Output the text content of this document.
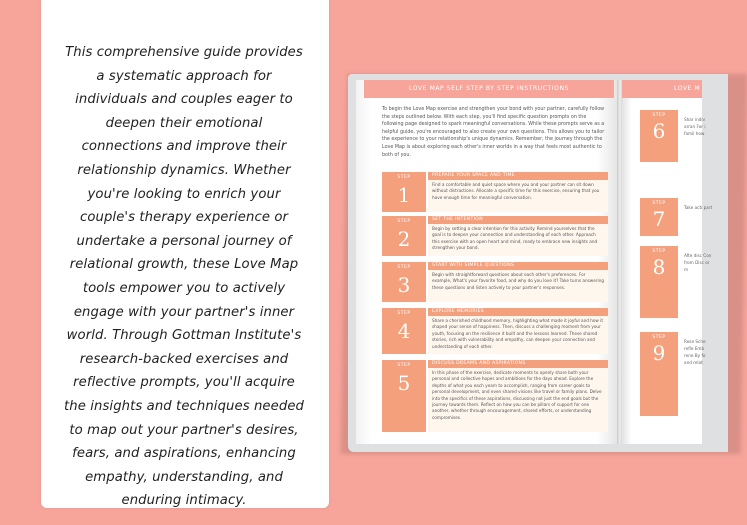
This comprehensive guide provides a systematic approach for individuals and couples eager to deepen their emotional connections and improve their relationship dynamics. Whether you're looking to enrich your couple's therapy experience or undertake a personal journey of relational growth, these Love Map tools empower you to actively engage with your partner's inner world. Through Gottman Institute's research-backed exercises and reflective prompts, you'll acquire the insights and techniques needed to map out your partner's desires, fears, and aspirations, enhancing empathy, understanding, and enduring intimacy.
LOVE MAP SELF STEP BY STEP INSTRUCTIONS
To begin the Love Map exercise and strengthen your bond with your partner, carefully follow the steps outlined below. With each step, you'll find specific question prompts on the following page designed to spark meaningful conversations. While these prompts serve as a helpful guide, you're encouraged to also create your own questions. This allows you to tailor the experience to your relationship's unique dynamics. Remember, the journey through the Love Map is about exploring each other's inner worlds in a way that feels most authentic to both of you.
STEP
1
PREPARE YOUR SPACE AND TIME
Find a comfortable and quiet space where you and your partner can sit down without distractions. Allocate a specific time for this exercise, ensuring that you have enough time for meaningful conversation.
STEP
2
SET THE INTENTION
Begin by setting a clear intention for this activity. Remind yourselves that the goal is to deepen your connection and understanding of each other. Approach this exercise with an open heart and mind, ready to embrace new insights and strengthen your bond.
STEP
3
START WITH SIMPLE QUESTIONS
Begin with straightforward questions about each other's preferences. For example, What's your favorite food, and why do you love it? Take turns answering these questions and listen actively to your partner's responses.
STEP
4
EXPLORE MEMORIES
Share a cherished childhood memory, highlighting what made it joyful and how it shaped your sense of happiness. Then, discuss a challenging moment from your youth, focusing on the resilience it built and the lessons learned. These shared stories, rich with vulnerability and empathy, can deepen your connection and understanding of each other.
STEP
5
DISCUSS DREAMS AND ASPIRATIONS
In this phase of the exercise, dedicate moments to openly share both your personal and collective hopes and ambitions for the days ahead. Explore the depths of what you each yearn to accomplish, ranging from career goals to personal development, and even shared visions like travel or family plans. Delve into the specifics of these aspirations, discussing not just the end goals but the journey towards them. Reflect on how you can be pillars of support for one another, whether through encouragement, shared efforts, or understanding compromises.
LOVE M
STEP
6	Shar indiv arran For i famil how
STEP
7	Take acti part
STEP
8	Afte disc Con from Disc or m
STEP
9	Rese Sche refle Emb rene By fo and relat
